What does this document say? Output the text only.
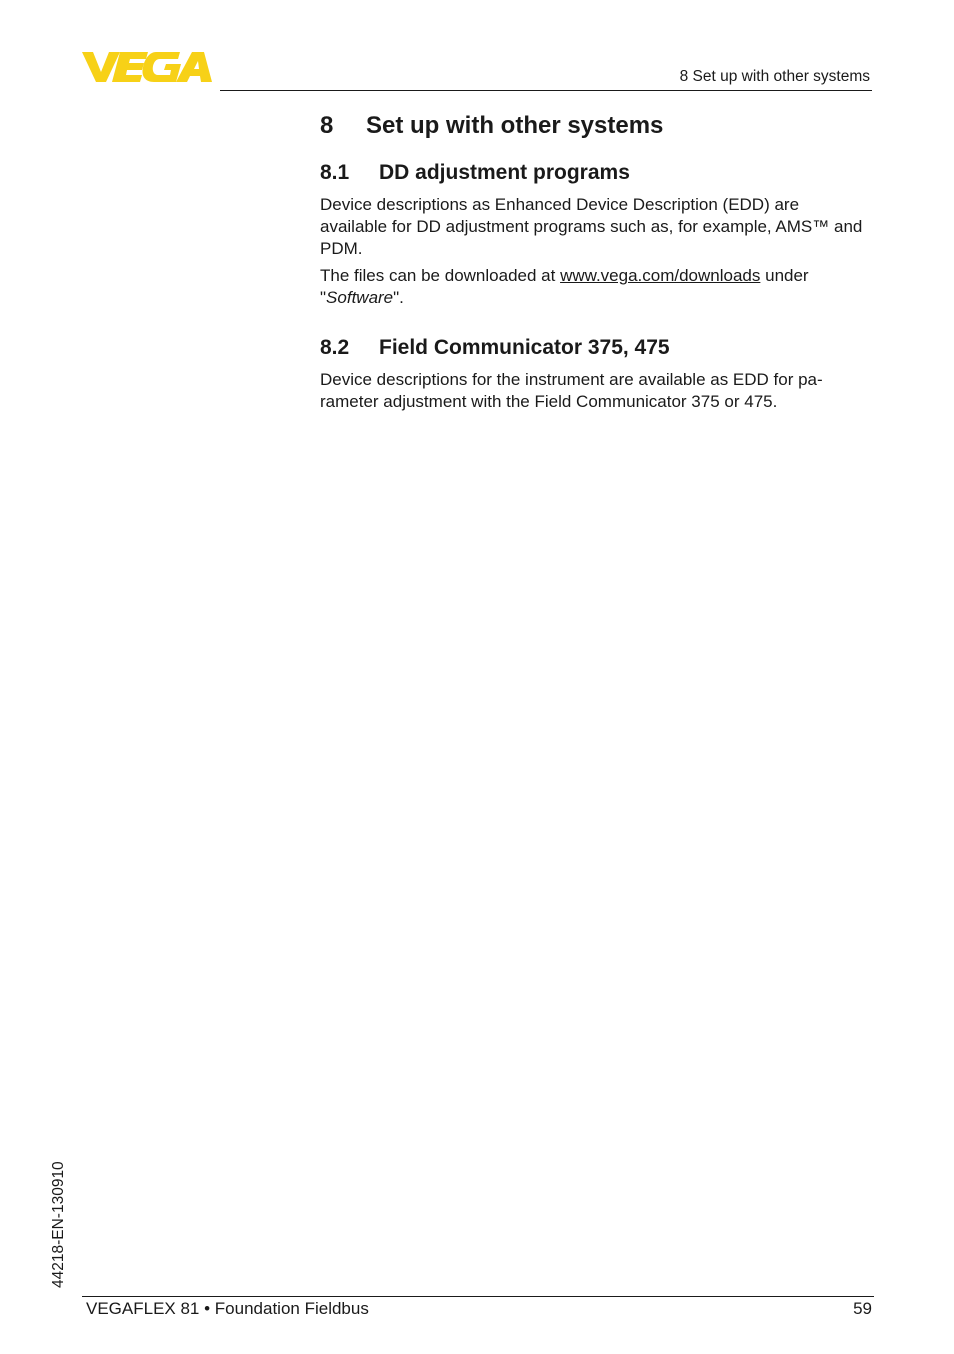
8 Set up with other systems
8 Set up with other systems
8.1 DD adjustment programs

Device descriptions as Enhanced Device Description (EDD) are available for DD adjustment programs such as, for example, AMS™ and PDM.

The files can be downloaded at www.vega.com/downloads under "Software".

8.2 Field Communicator 375, 475

Device descriptions for the instrument are available as EDD for pa-rameter adjustment with the Field Communicator 375 or 475.

44218-EN-130910
VEGAFLEX 81 • Foundation Fieldbus	59
